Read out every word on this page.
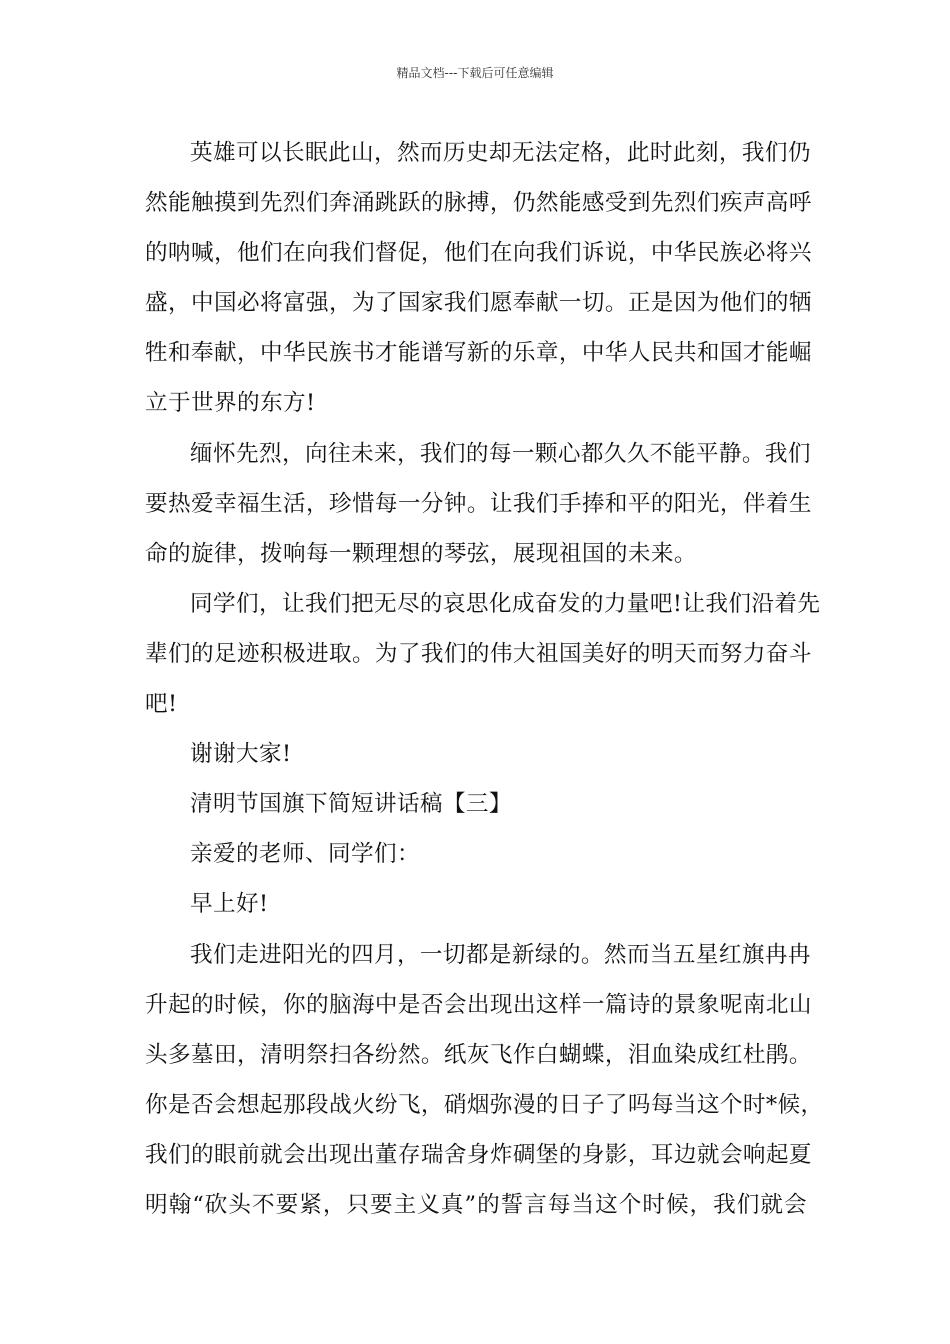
精品文档---下载后可任意编辑
英雄可以长眠此山，然而历史却无法定格，此时此刻，我们仍
然能触摸到先烈们奔涌跳跃的脉搏，仍然能感受到先烈们疾声高呼
的呐喊，他们在向我们督促，他们在向我们诉说，中华民族必将兴
盛，中国必将富强，为了国家我们愿奉献一切。正是因为他们的牺
牲和奉献，中华民族书才能谱写新的乐章，中华人民共和国才能崛
立于世界的东方!
缅怀先烈，向往未来，我们的每一颗心都久久不能平静。我们
要热爱幸福生活，珍惜每一分钟。让我们手捧和平的阳光，伴着生
命的旋律，拨响每一颗理想的琴弦，展现祖国的未来。
同学们，让我们把无尽的哀思化成奋发的力量吧!让我们沿着先
辈们的足迹积极进取。为了我们的伟大祖国美好的明天而努力奋斗
吧!
谢谢大家!
清明节国旗下简短讲话稿【三】
亲爱的老师、同学们：
早上好!
我们走进阳光的四月，一切都是新绿的。然而当五星红旗冉冉
升起的时候，你的脑海中是否会出现出这样一篇诗的景象呢南北山
头多墓田，清明祭扫各纷然。纸灰飞作白蝴蝶，泪血染成红杜鹃。
你是否会想起那段战火纷飞，硝烟弥漫的日子了吗每当这个时*候，
我们的眼前就会出现出董存瑞舍身炸碉堡的身影，耳边就会响起夏
明翰“砍头不要紧，只要主义真”的誓言每当这个时候，我们就会
